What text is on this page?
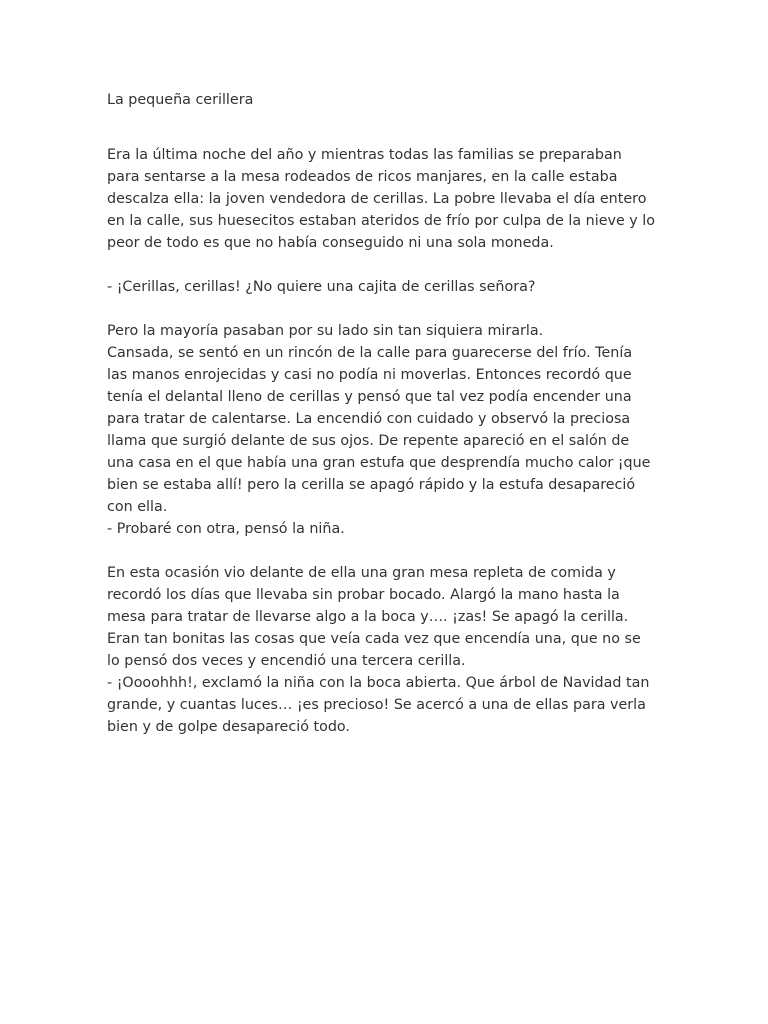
La pequeña cerillera
Era la última noche del año y mientras todas las familias se preparaban
para sentarse a la mesa rodeados de ricos manjares, en la calle estaba
descalza ella: la joven vendedora de cerillas. La pobre llevaba el día entero
en la calle, sus huesecitos estaban ateridos de frío por culpa de la nieve y lo
peor de todo es que no había conseguido ni una sola moneda.
- ¡Cerillas, cerillas! ¿No quiere una cajita de cerillas señora?
Pero la mayoría pasaban por su lado sin tan siquiera mirarla.
Cansada, se sentó en un rincón de la calle para guarecerse del frío. Tenía
las manos enrojecidas y casi no podía ni moverlas. Entonces recordó que
tenía el delantal lleno de cerillas y pensó que tal vez podía encender una
para tratar de calentarse. La encendió con cuidado y observó la preciosa
llama que surgió delante de sus ojos. De repente apareció en el salón de
una casa en el que había una gran estufa que desprendía mucho calor ¡que
bien se estaba allí! pero la cerilla se apagó rápido y la estufa desapareció
con ella.
- Probaré con otra, pensó la niña.
En esta ocasión vio delante de ella una gran mesa repleta de comida y
recordó los días que llevaba sin probar bocado. Alargó la mano hasta la
mesa para tratar de llevarse algo a la boca y…. ¡zas! Se apagó la cerilla.
Eran tan bonitas las cosas que veía cada vez que encendía una, que no se
lo pensó dos veces y encendió una tercera cerilla.
- ¡Oooohhh!, exclamó la niña con la boca abierta. Que árbol de Navidad tan
grande, y cuantas luces… ¡es precioso! Se acercó a una de ellas para verla
bien y de golpe desapareció todo.
